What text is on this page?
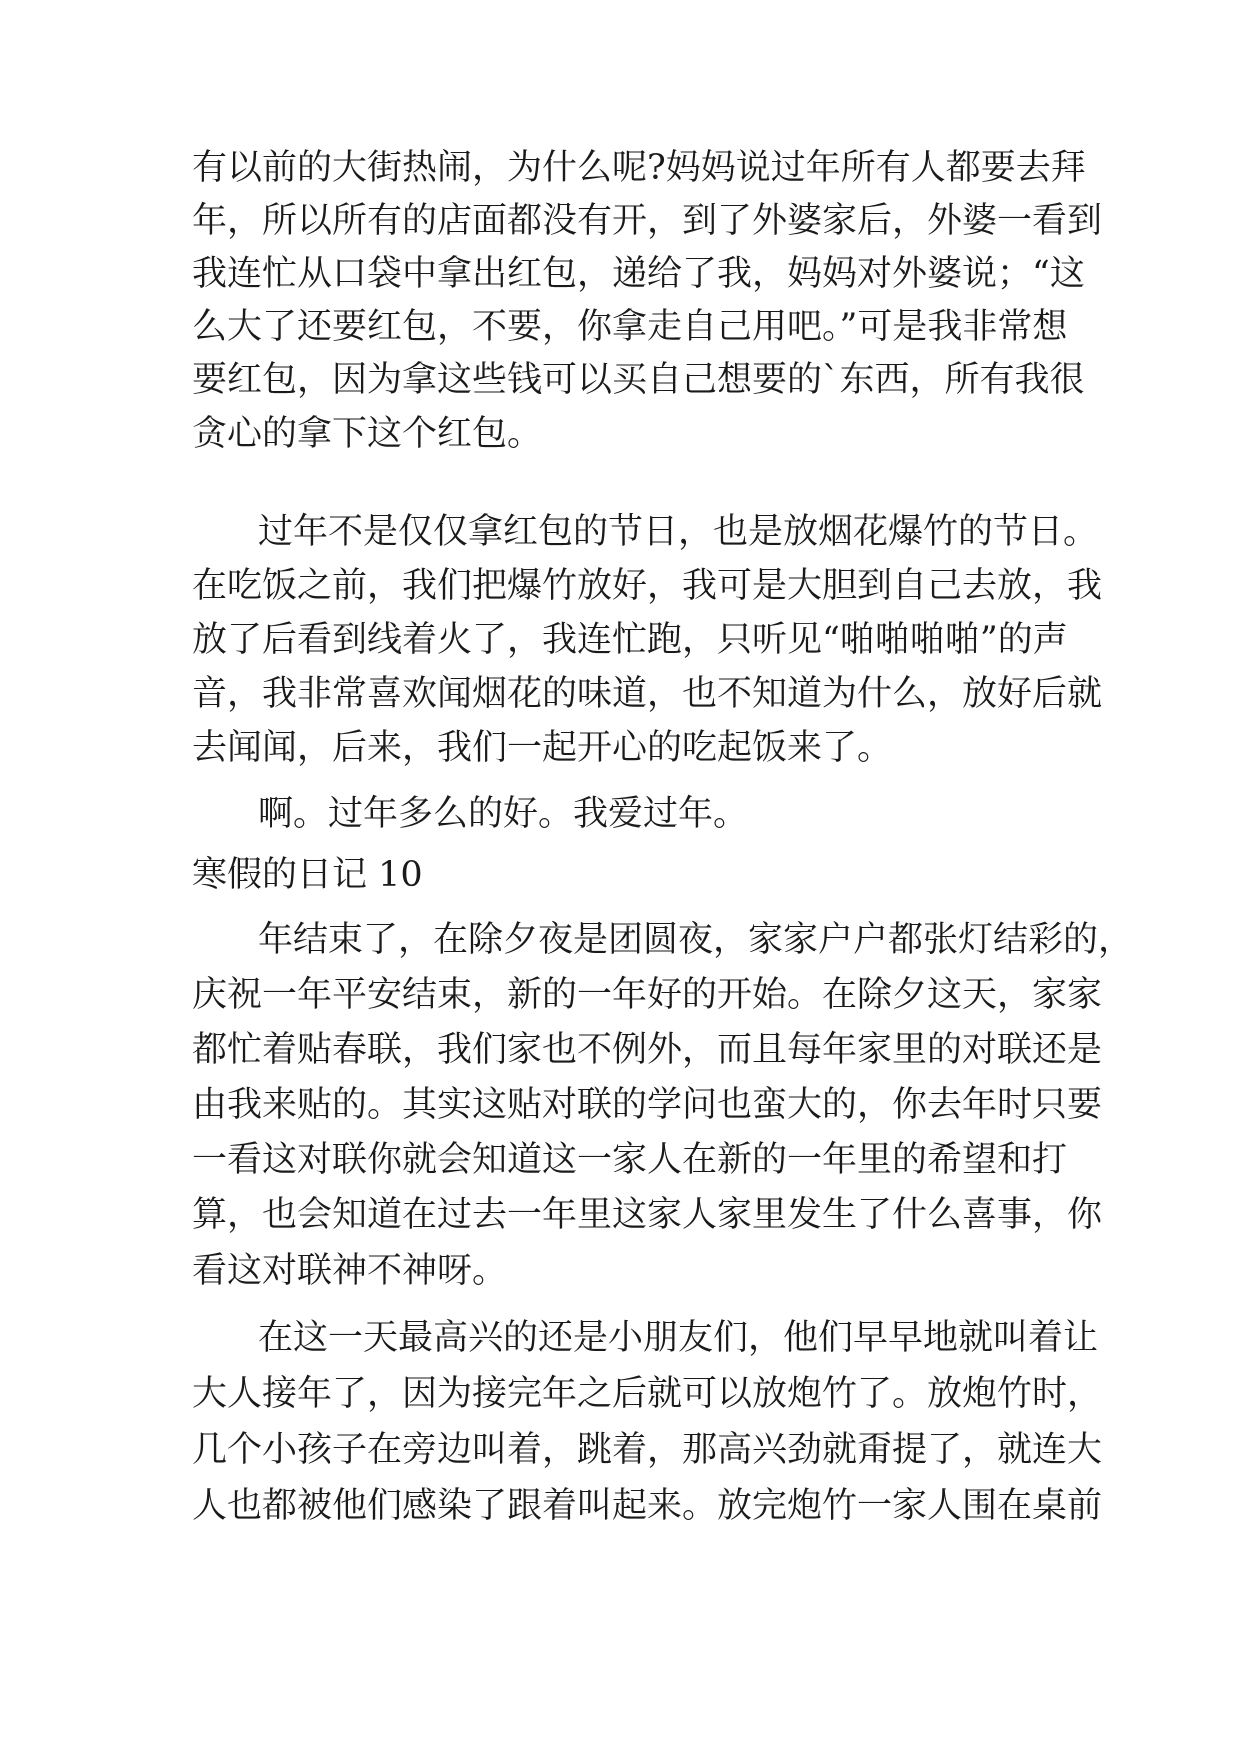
有以前的大街热闹，为什么呢?妈妈说过年所有人都要去拜
年，所以所有的店面都没有开，到了外婆家后，外婆一看到
我连忙从口袋中拿出红包，递给了我，妈妈对外婆说；“这
么大了还要红包，不要，你拿走自己用吧。”可是我非常想
要红包，因为拿这些钱可以买自己想要的`东西，所有我很
贪心的拿下这个红包。
过年不是仅仅拿红包的节日，也是放烟花爆竹的节日。
在吃饭之前，我们把爆竹放好，我可是大胆到自己去放，我
放了后看到线着火了，我连忙跑，只听见“啪啪啪啪”的声
音，我非常喜欢闻烟花的味道，也不知道为什么，放好后就
去闻闻，后来，我们一起开心的吃起饭来了。
啊。过年多么的好。我爱过年。
寒假的日记 10
年结束了，在除夕夜是团圆夜，家家户户都张灯结彩的，
庆祝一年平安结束，新的一年好的开始。在除夕这天，家家
都忙着贴春联，我们家也不例外，而且每年家里的对联还是
由我来贴的。其实这贴对联的学问也蛮大的，你去年时只要
一看这对联你就会知道这一家人在新的一年里的希望和打
算，也会知道在过去一年里这家人家里发生了什么喜事，你
看这对联神不神呀。
在这一天最高兴的还是小朋友们，他们早早地就叫着让
大人接年了，因为接完年之后就可以放炮竹了。放炮竹时，
几个小孩子在旁边叫着，跳着，那高兴劲就甭提了，就连大
人也都被他们感染了跟着叫起来。放完炮竹一家人围在桌前
